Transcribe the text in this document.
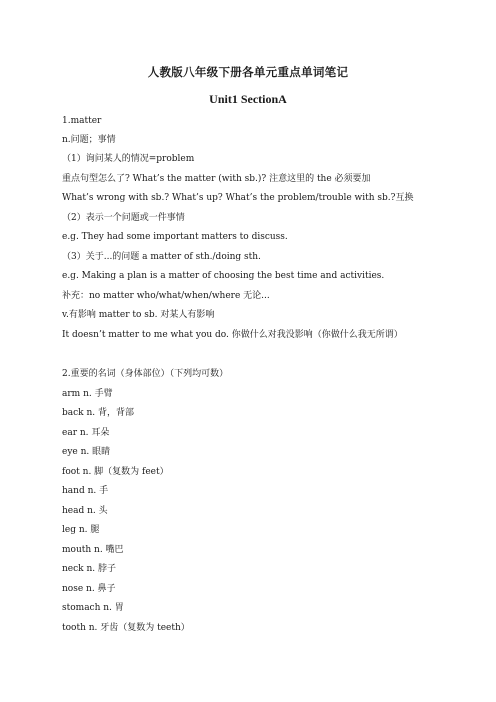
人教版八年级下册各单元重点单词笔记
Unit1 SectionA
1.matter
n.问题；事情
（1）询问某人的情况=problem
重点句型怎么了? What’s the matter (with sb.)? 注意这里的 the 必须要加
What’s wrong with sb.? What’s up? What’s the problem/trouble with sb.?互换
（2）表示一个问题或一件事情
e.g. They had some important matters to discuss.
（3）关于...的问题 a matter of sth./doing sth.
e.g. Making a plan is a matter of choosing the best time and activities.
补充：no matter who/what/when/where 无论...
v.有影响 matter to sb. 对某人有影响
It doesn’t matter to me what you do. 你做什么对我没影响（你做什么我无所谓）
2.重要的名词（身体部位）（下列均可数）
arm n. 手臂
back n. 背，背部
ear n. 耳朵
eye n. 眼睛
foot n. 脚（复数为 feet）
hand n. 手
head n. 头
leg n. 腿
mouth n. 嘴巴
neck n. 脖子
nose n. 鼻子
stomach n. 胃
tooth n. 牙齿（复数为 teeth）
